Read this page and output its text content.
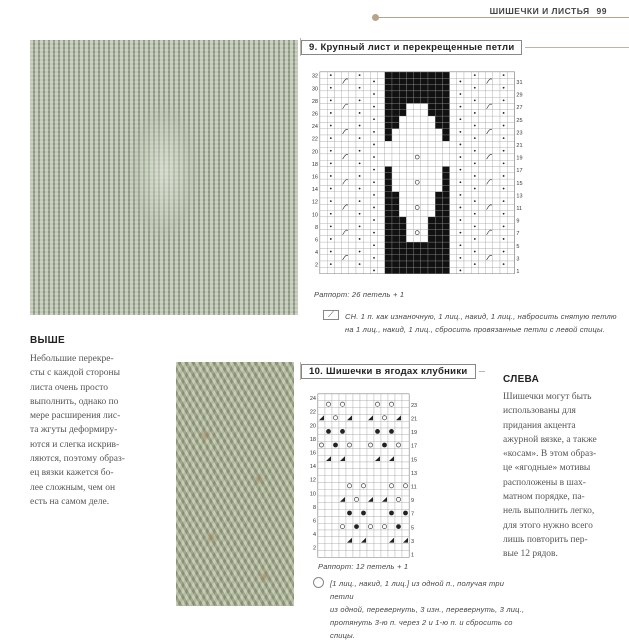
ШИШЕЧКИ И ЛИСТЬЯ 99
9. Крупный лист и перекрещенные петли
32
30
28
26
24
22
20
18
16
14
12
10
8
6
4
2
31
29
27
25
23
21
19
17
15
13
11
9
7
5
3
1
Раппорт: 26 петель + 1
⟋	СН. 1 п. как изнаночную, 1 лиц., накид, 1 лиц., набросить снятую петлю
на 1 лиц., накид, 1 лиц., сбросить провязанные петли с левой спицы.
ВЫШЕ
Небольшие перекре-
сты с каждой стороны
листа очень просто
выполнить, однако по
мере расширения лис-
та жгуты деформиру-
ются и слегка искрив-
ляются, поэтому образ-
ец вязки кажется бо-
лее сложным, чем он
есть на самом деле.
10. Шишечки в ягодах клубники
24
22
20
18
16
14
12
10
8
6
4
2
23
21
19
17
15
13
11
9
7
5
3
1
Раппорт: 12 петель + 1
[1 лиц., накид, 1 лиц.] из одной п., получая три петли
из одной, перевернуть, 3 изн., перевернуть, 3 лиц.,
протянуть 3-ю п. через 2 и 1-ю п. и сбросить со спицы.
СЛЕВА
Шишечки могут быть
использованы для
придания акцента
ажурной вязке, а также
«косам». В этом образ-
це «ягодные» мотивы
расположены в шах-
матном порядке, па-
нель выполнить легко,
для этого нужно всего
лишь повторить пер-
вые 12 рядов.
